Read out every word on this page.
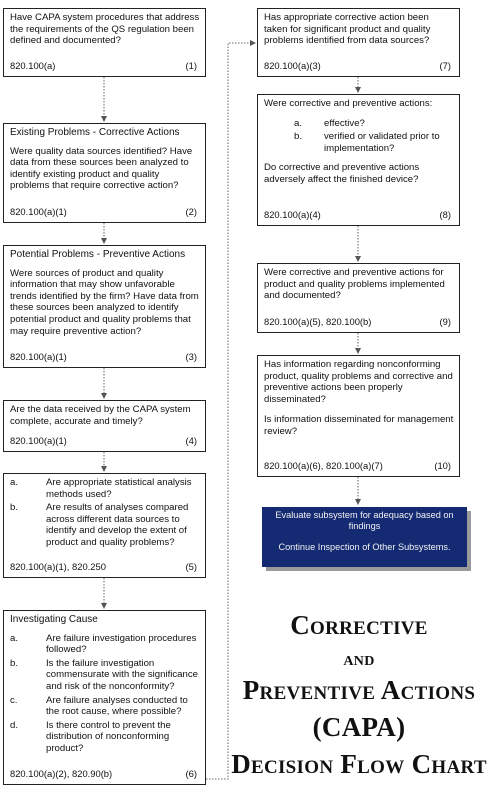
Have CAPA system procedures that address the requirements of the QS regulation been defined and documented?
820.100(a)	(1)
Existing Problems - Corrective Actions
Were quality data sources identified? Have data from these sources been analyzed to identify existing product and quality problems that require corrective action?
820.100(a)(1)	(2)
Potential Problems - Preventive Actions
Were sources of product and quality information that may show unfavorable trends identified by the firm? Have data from these sources been analyzed to identify potential product and quality problems that may require preventive action?
820.100(a)(1)	(3)
Are the data received by the CAPA system complete, accurate and timely?
820.100(a)(1)	(4)
a.	Are appropriate statistical analysis methods used?
b.	Are results of analyses compared across different data sources to identify and develop the extent of product and quality problems?
820.100(a)(1), 820.250	(5)
Investigating Cause
a.	Are failure investigation procedures followed?
b.	Is the failure investigation commensurate with the significance and risk of the nonconformity?
c.	Are failure analyses conducted to the root cause, where possible?
d.	Is there control to prevent the distribution of nonconforming product?
820.100(a)(2), 820.90(b)	(6)
Has appropriate corrective action been taken for significant product and quality problems identified from data sources?
820.100(a)(3)	(7)
Were corrective and preventive actions:
a.	effective?
b.	verified or validated prior to implementation?
Do corrective and preventive actions adversely affect the finished device?
820.100(a)(4)	(8)
Were corrective and preventive actions for product and quality problems implemented and documented?
820.100(a)(5), 820.100(b)	(9)
Has information regarding nonconforming product, quality problems and corrective and preventive actions been properly disseminated?
Is information disseminated for management review?
820.100(a)(6), 820.100(a)(7)	(10)
Evaluate subsystem for adequacy based on findings
Continue Inspection of Other Subsystems.
Corrective
and
Preventive Actions
(CAPA)
Decision Flow Chart
